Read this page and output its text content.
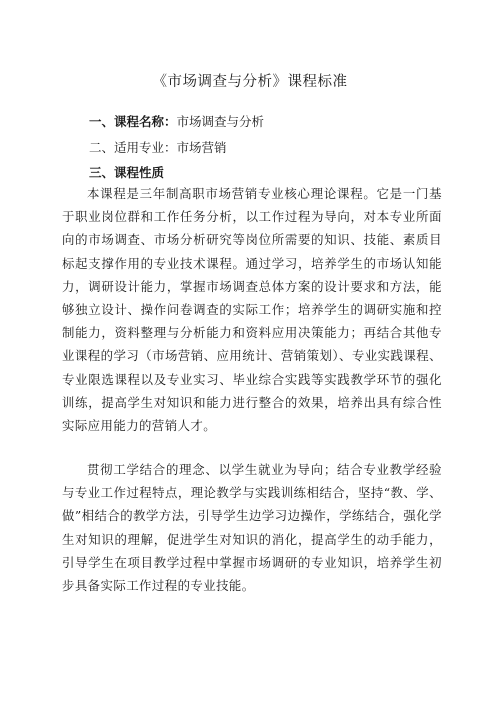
《市场调查与分析》课程标准
一、课程名称：市场调查与分析
二、适用专业：市场营销
三、课程性质

本课程是三年制高职市场营销专业核心理论课程。它是一门基于职业岗位群和工作任务分析，以工作过程为导向，对本专业所面向的市场调查、市场分析研究等岗位所需要的知识、技能、素质目标起支撑作用的专业技术课程。通过学习，培养学生的市场认知能力，调研设计能力，掌握市场调查总体方案的设计要求和方法，能够独立设计、操作问卷调查的实际工作；培养学生的调研实施和控制能力，资料整理与分析能力和资料应用决策能力；再结合其他专业课程的学习（市场营销、应用统计、营销策划）、专业实践课程、专业限选课程以及专业实习、毕业综合实践等实践教学环节的强化训练，提高学生对知识和能力进行整合的效果，培养出具有综合性实际应用能力的营销人才。

贯彻工学结合的理念、以学生就业为导向；结合专业教学经验与专业工作过程特点，理论教学与实践训练相结合，坚持“教、学、做”相结合的教学方法，引导学生边学习边操作，学练结合，强化学生对知识的理解，促进学生对知识的消化，提高学生的动手能力，引导学生在项目教学过程中掌握市场调研的专业知识，培养学生初步具备实际工作过程的专业技能。
